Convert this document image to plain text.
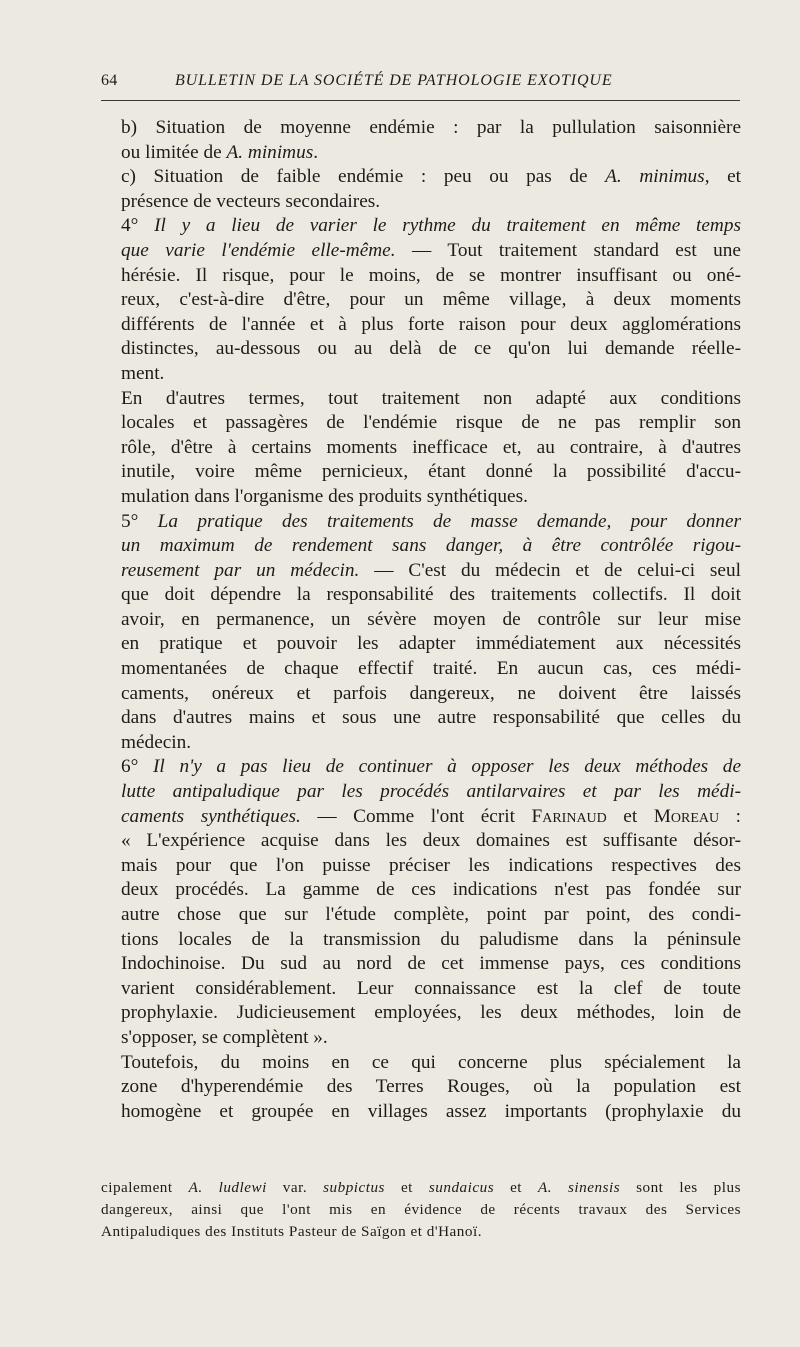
64	BULLETIN DE LA SOCIÉTÉ DE PATHOLOGIE EXOTIQUE

b) Situation de moyenne endémie : par la pullulation saisonnière
ou limitée de A. minimus.

c) Situation de faible endémie : peu ou pas de A. minimus, et
présence de vecteurs secondaires.

4° Il y a lieu de varier le rythme du traitement en même temps
que varie l'endémie elle-même. — Tout traitement standard est une
hérésie. Il risque, pour le moins, de se montrer insuffisant ou oné-
reux, c'est-à-dire d'être, pour un même village, à deux moments
différents de l'année et à plus forte raison pour deux agglomérations
distinctes, au-dessous ou au delà de ce qu'on lui demande réelle-
ment.

En d'autres termes, tout traitement non adapté aux conditions
locales et passagères de l'endémie risque de ne pas remplir son
rôle, d'être à certains moments inefficace et, au contraire, à d'autres
inutile, voire même pernicieux, étant donné la possibilité d'accu-
mulation dans l'organisme des produits synthétiques.

5° La pratique des traitements de masse demande, pour donner
un maximum de rendement sans danger, à être contrôlée rigou-
reusement par un médecin. — C'est du médecin et de celui-ci seul
que doit dépendre la responsabilité des traitements collectifs. Il doit
avoir, en permanence, un sévère moyen de contrôle sur leur mise
en pratique et pouvoir les adapter immédiatement aux nécessités
momentanées de chaque effectif traité. En aucun cas, ces médi-
caments, onéreux et parfois dangereux, ne doivent être laissés
dans d'autres mains et sous une autre responsabilité que celles du
médecin.

6° Il n'y a pas lieu de continuer à opposer les deux méthodes de
lutte antipaludique par les procédés antilarvaires et par les médi-
caments synthétiques. — Comme l'ont écrit Farinaud et Moreau :
« L'expérience acquise dans les deux domaines est suffisante désor-
mais pour que l'on puisse préciser les indications respectives des
deux procédés. La gamme de ces indications n'est pas fondée sur
autre chose que sur l'étude complète, point par point, des condi-
tions locales de la transmission du paludisme dans la péninsule
Indochinoise. Du sud au nord de cet immense pays, ces conditions
varient considérablement. Leur connaissance est la clef de toute
prophylaxie. Judicieusement employées, les deux méthodes, loin de
s'opposer, se complètent ».

Toutefois, du moins en ce qui concerne plus spécialement la
zone d'hyperendémie des Terres Rouges, où la population est
homogène et groupée en villages assez importants (prophylaxie du

cipalement A. ludlewi var. subpictus et sundaicus et A. sinensis sont les plus
dangereux, ainsi que l'ont mis en évidence de récents travaux des Services
Antipaludiques des Instituts Pasteur de Saïgon et d'Hanoï.
